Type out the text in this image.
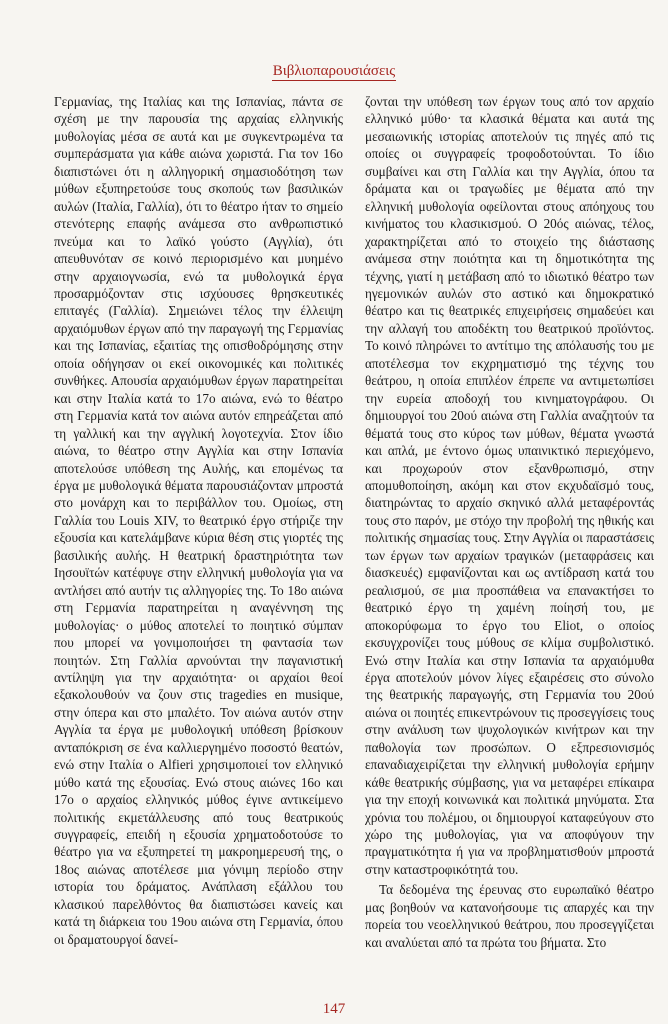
Βιβλιοπαρουσιάσεις

Γερμανίας, της Ιταλίας και της Ισπανίας, πάντα σε σχέση με την παρουσία της αρχαίας ελληνικής μυθολογίας μέσα σε αυτά και με συγκεντρωμένα τα συμπεράσματα για κάθε αιώνα χωριστά. Για τον 16ο διαπιστώνει ότι η αλληγορική σημασιοδότηση των μύθων εξυπηρετούσε τους σκοπούς των βασιλικών αυλών (Ιταλία, Γαλλία), ότι το θέατρο ήταν το σημείο στενότερης επαφής ανάμεσα στο ανθρωπιστικό πνεύμα και το λαϊκό γούστο (Αγγλία), ότι απευθυνόταν σε κοινό περιορισμένο και μυημένο στην αρχαιογνωσία, ενώ τα μυθολογικά έργα προσαρμόζονταν στις ισχύουσες θρησκευτικές επιταγές (Γαλλία). Σημειώνει τέλος την έλλειψη αρχαιόμυθων έργων από την παραγωγή της Γερμανίας και της Ισπανίας, εξαιτίας της οπισθοδρόμησης στην οποία οδήγησαν οι εκεί οικονομικές και πολιτικές συνθήκες. Απουσία αρχαιόμυθων έργων παρατηρείται και στην Ιταλία κατά το 17ο αιώνα, ενώ το θέατρο στη Γερμανία κατά τον αιώνα αυτόν επηρεάζεται από τη γαλλική και την αγγλική λογοτεχνία. Στον ίδιο αιώνα, το θέατρο στην Αγγλία και στην Ισπανία αποτελούσε υπόθεση της Αυλής, και επομένως τα έργα με μυθολογικά θέματα παρουσιάζονταν μπροστά στο μονάρχη και το περιβάλλον του. Ομοίως, στη Γαλλία του Louis XIV, το θεατρικό έργο στήριζε την εξουσία και κατελάμβανε κύρια θέση στις γιορτές της βασιλικής αυλής. Η θεατρική δραστηριότητα των Ιησουϊτών κατέφυγε στην ελληνική μυθολογία για να αντλήσει από αυτήν τις αλληγορίες της. Το 18ο αιώνα στη Γερμανία παρατηρείται η αναγέννηση της μυθολογίας· ο μύθος αποτελεί το ποιητικό σύμπαν που μπορεί να γονιμοποιήσει τη φαντασία των ποιητών. Στη Γαλλία αρνούνται την παγανιστική αντίληψη για την αρχαιότητα· οι αρχαίοι θεοί εξακολουθούν να ζουν στις tragedies en musique, στην όπερα και στο μπαλέτο. Τον αιώνα αυτόν στην Αγγλία τα έργα με μυθολογική υπόθεση βρίσκουν ανταπόκριση σε ένα καλλιεργημένο ποσοστό θεατών, ενώ στην Ιταλία ο Alfieri χρησιμοποιεί τον ελληνικό μύθο κατά της εξουσίας. Ενώ στους αιώνες 16ο και 17ο ο αρχαίος ελληνικός μύθος έγινε αντικείμενο πολιτικής εκμετάλλευσης από τους θεατρικούς συγγραφείς, επειδή η εξουσία χρηματοδοτούσε το θέατρο για να εξυπηρετεί τη μακροημερευσή της, ο 18ος αιώνας αποτέλεσε μια γόνιμη περίοδο στην ιστορία του δράματος. Ανάπλαση εξάλλου του κλασικού παρελθόντος θα διαπιστώσει κανείς και κατά τη διάρκεια του 19ου αιώνα στη Γερμανία, όπου οι δραματουργοί δανεί-

ζονται την υπόθεση των έργων τους από τον αρχαίο ελληνικό μύθο· τα κλασικά θέματα και αυτά της μεσαιωνικής ιστορίας αποτελούν τις πηγές από τις οποίες οι συγγραφείς τροφοδοτούνται. Το ίδιο συμβαίνει και στη Γαλλία και την Αγγλία, όπου τα δράματα και οι τραγωδίες με θέματα από την ελληνική μυθολογία οφείλονται στους απόηχους του κινήματος του κλασικισμού. Ο 20ός αιώνας, τέλος, χαρακτηρίζεται από το στοιχείο της διάστασης ανάμεσα στην ποιότητα και τη δημοτικότητα της τέχνης, γιατί η μετάβαση από το ιδιωτικό θέατρο των ηγεμονικών αυλών στο αστικό και δημοκρατικό θέατρο και τις θεατρικές επιχειρήσεις σημαδεύει και την αλλαγή του αποδέκτη του θεατρικού προϊόντος. Το κοινό πληρώνει το αντίτιμο της απόλαυσής του με αποτέλεσμα τον εκχρηματισμό της τέχνης του θεάτρου, η οποία επιπλέον έπρεπε να αντιμετωπίσει την ευρεία αποδοχή του κινηματογράφου. Οι δημιουργοί του 20ού αιώνα στη Γαλλία αναζητούν τα θέματά τους στο κύρος των μύθων, θέματα γνωστά και απλά, με έντονο όμως υπαινικτικό περιεχόμενο, και προχωρούν στον εξανθρωπισμό, στην απομυθοποίηση, ακόμη και στον εκχυδαϊσμό τους, διατηρώντας το αρχαίο σκηνικό αλλά μεταφέροντάς τους στο παρόν, με στόχο την προβολή της ηθικής και πολιτικής σημασίας τους. Στην Αγγλία οι παραστάσεις των έργων των αρχαίων τραγικών (μεταφράσεις και διασκευές) εμφανίζονται και ως αντίδραση κατά του ρεαλισμού, σε μια προσπάθεια να επανακτήσει το θεατρικό έργο τη χαμένη ποίησή του, με αποκορύφωμα το έργο του Eliot, ο οποίος εκσυγχρονίζει τους μύθους σε κλίμα συμβολιστικό. Ενώ στην Ιταλία και στην Ισπανία τα αρχαιόμυθα έργα αποτελούν μόνον λίγες εξαιρέσεις στο σύνολο της θεατρικής παραγωγής, στη Γερμανία του 20ού αιώνα οι ποιητές επικεντρώνουν τις προσεγγίσεις τους στην ανάλυση των ψυχολογικών κινήτρων και την παθολογία των προσώπων. Ο εξπρεσιονισμός επαναδιαχειρίζεται την ελληνική μυθολογία ερήμην κάθε θεατρικής σύμβασης, για να μεταφέρει επίκαιρα για την εποχή κοινωνικά και πολιτικά μηνύματα. Στα χρόνια του πολέμου, οι δημιουργοί καταφεύγουν στο χώρο της μυθολογίας, για να αποφύγουν την πραγματικότητα ή για να προβληματισθούν μπροστά στην καταστροφικότητά του.

Τα δεδομένα της έρευνας στο ευρωπαϊκό θέατρο μας βοηθούν να κατανοήσουμε τις απαρχές και την πορεία του νεοελληνικού θεάτρου, που προσεγγίζεται και αναλύεται από τα πρώτα του βήματα. Στο

147
